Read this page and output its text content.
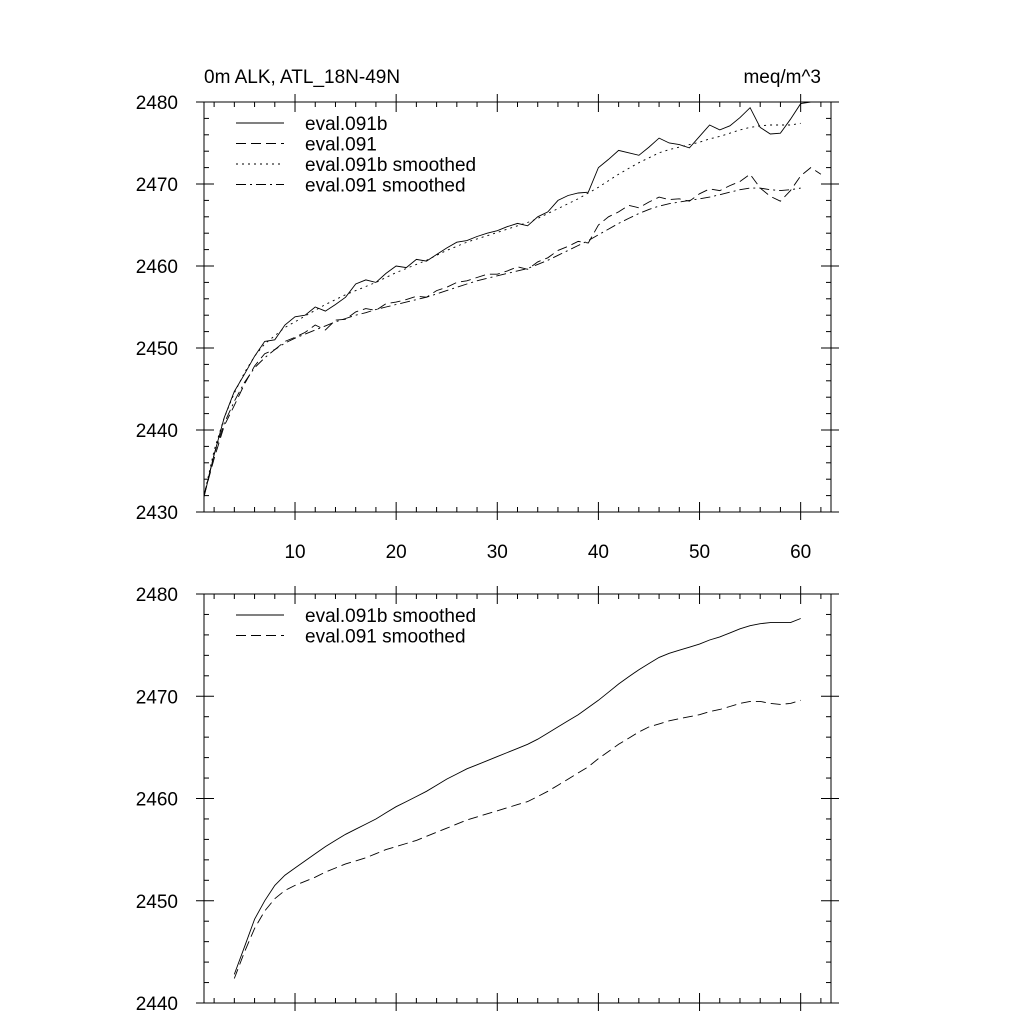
0m ALK, ATL_18N-49N	meq/m^3
10	20	30	40	50	60
2430
2440
2450
2460
2470
2480
eval.091b
eval.091
eval.091b smoothed
eval.091 smoothed
2440
2450
2460
2470
2480
eval.091b smoothed
eval.091 smoothed
